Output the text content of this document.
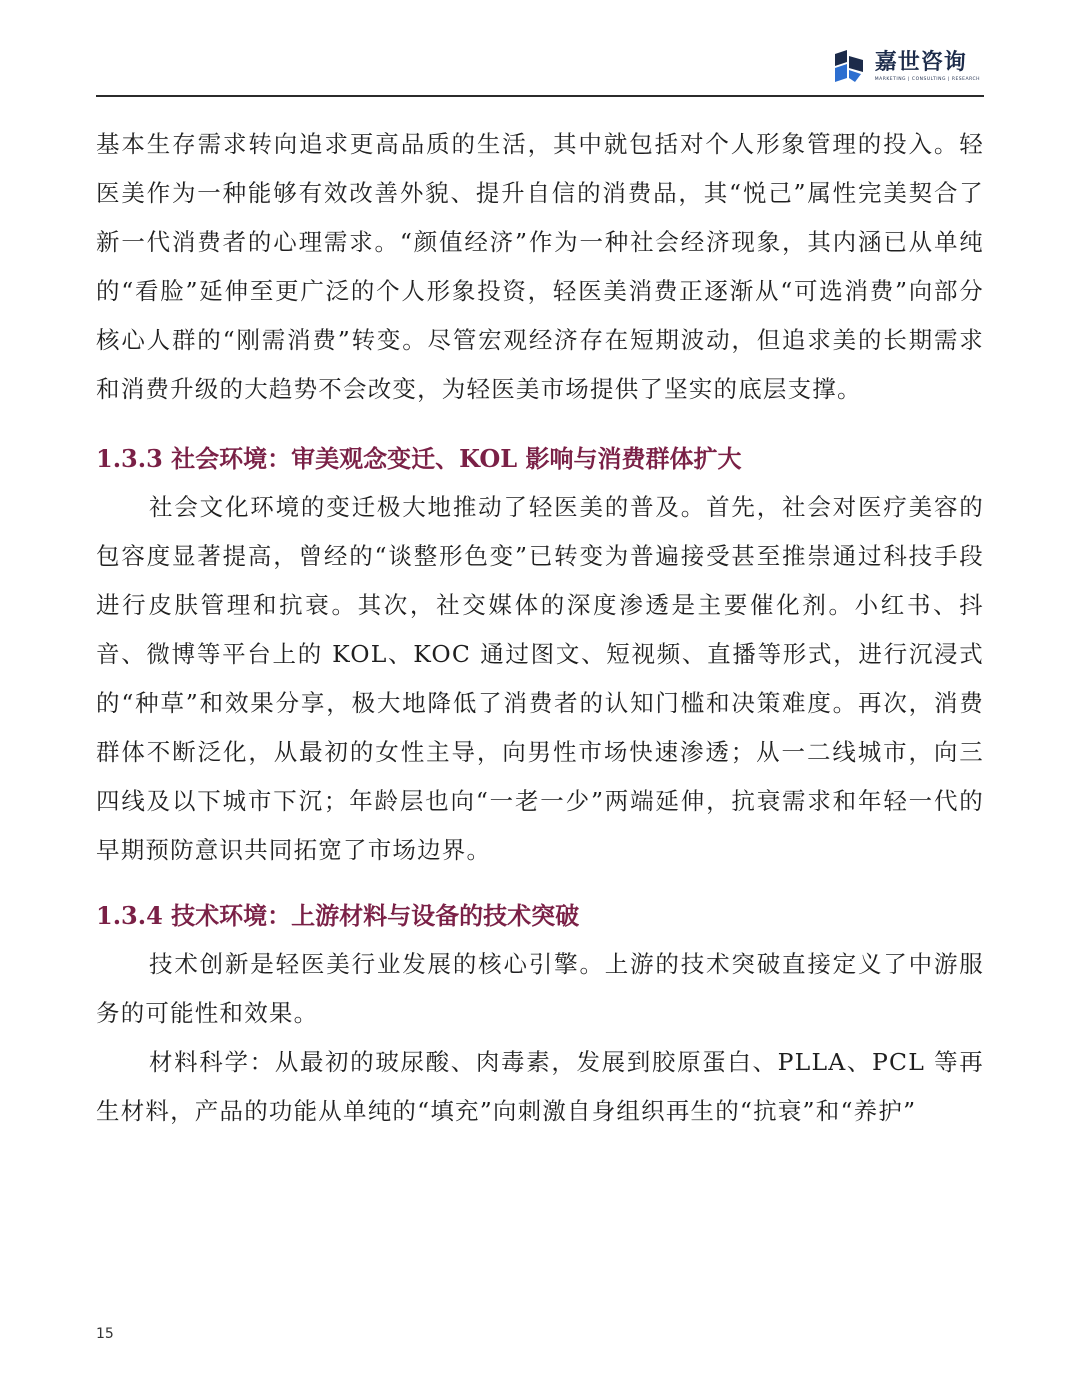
嘉世咨询
MARKETING | CONSULTING | RESEARCH

基本生存需求转向追求更高品质的生活，其中就包括对个人形象管理的投入。轻医美作为一种能够有效改善外貌、提升自信的消费品，其“悦己”属性完美契合了新一代消费者的心理需求。“颜值经济”作为一种社会经济现象，其内涵已从单纯的“看脸”延伸至更广泛的个人形象投资，轻医美消费正逐渐从“可选消费”向部分核心人群的“刚需消费”转变。尽管宏观经济存在短期波动，但追求美的长期需求和消费升级的大趋势不会改变，为轻医美市场提供了坚实的底层支撑。

1.3.3 社会环境：审美观念变迁、KOL 影响与消费群体扩大

社会文化环境的变迁极大地推动了轻医美的普及。首先，社会对医疗美容的包容度显著提高，曾经的“谈整形色变”已转变为普遍接受甚至推崇通过科技手段进行皮肤管理和抗衰。其次，社交媒体的深度渗透是主要催化剂。小红书、抖音、微博等平台上的 KOL、KOC 通过图文、短视频、直播等形式，进行沉浸式的“种草”和效果分享，极大地降低了消费者的认知门槛和决策难度。再次，消费群体不断泛化，从最初的女性主导，向男性市场快速渗透；从一二线城市，向三四线及以下城市下沉；年龄层也向“一老一少”两端延伸，抗衰需求和年轻一代的早期预防意识共同拓宽了市场边界。

1.3.4 技术环境：上游材料与设备的技术突破

技术创新是轻医美行业发展的核心引擎。上游的技术突破直接定义了中游服务的可能性和效果。

材料科学：从最初的玻尿酸、肉毒素，发展到胶原蛋白、PLLA、PCL 等再生材料，产品的功能从单纯的“填充”向刺激自身组织再生的“抗衰”和“养护”

15
